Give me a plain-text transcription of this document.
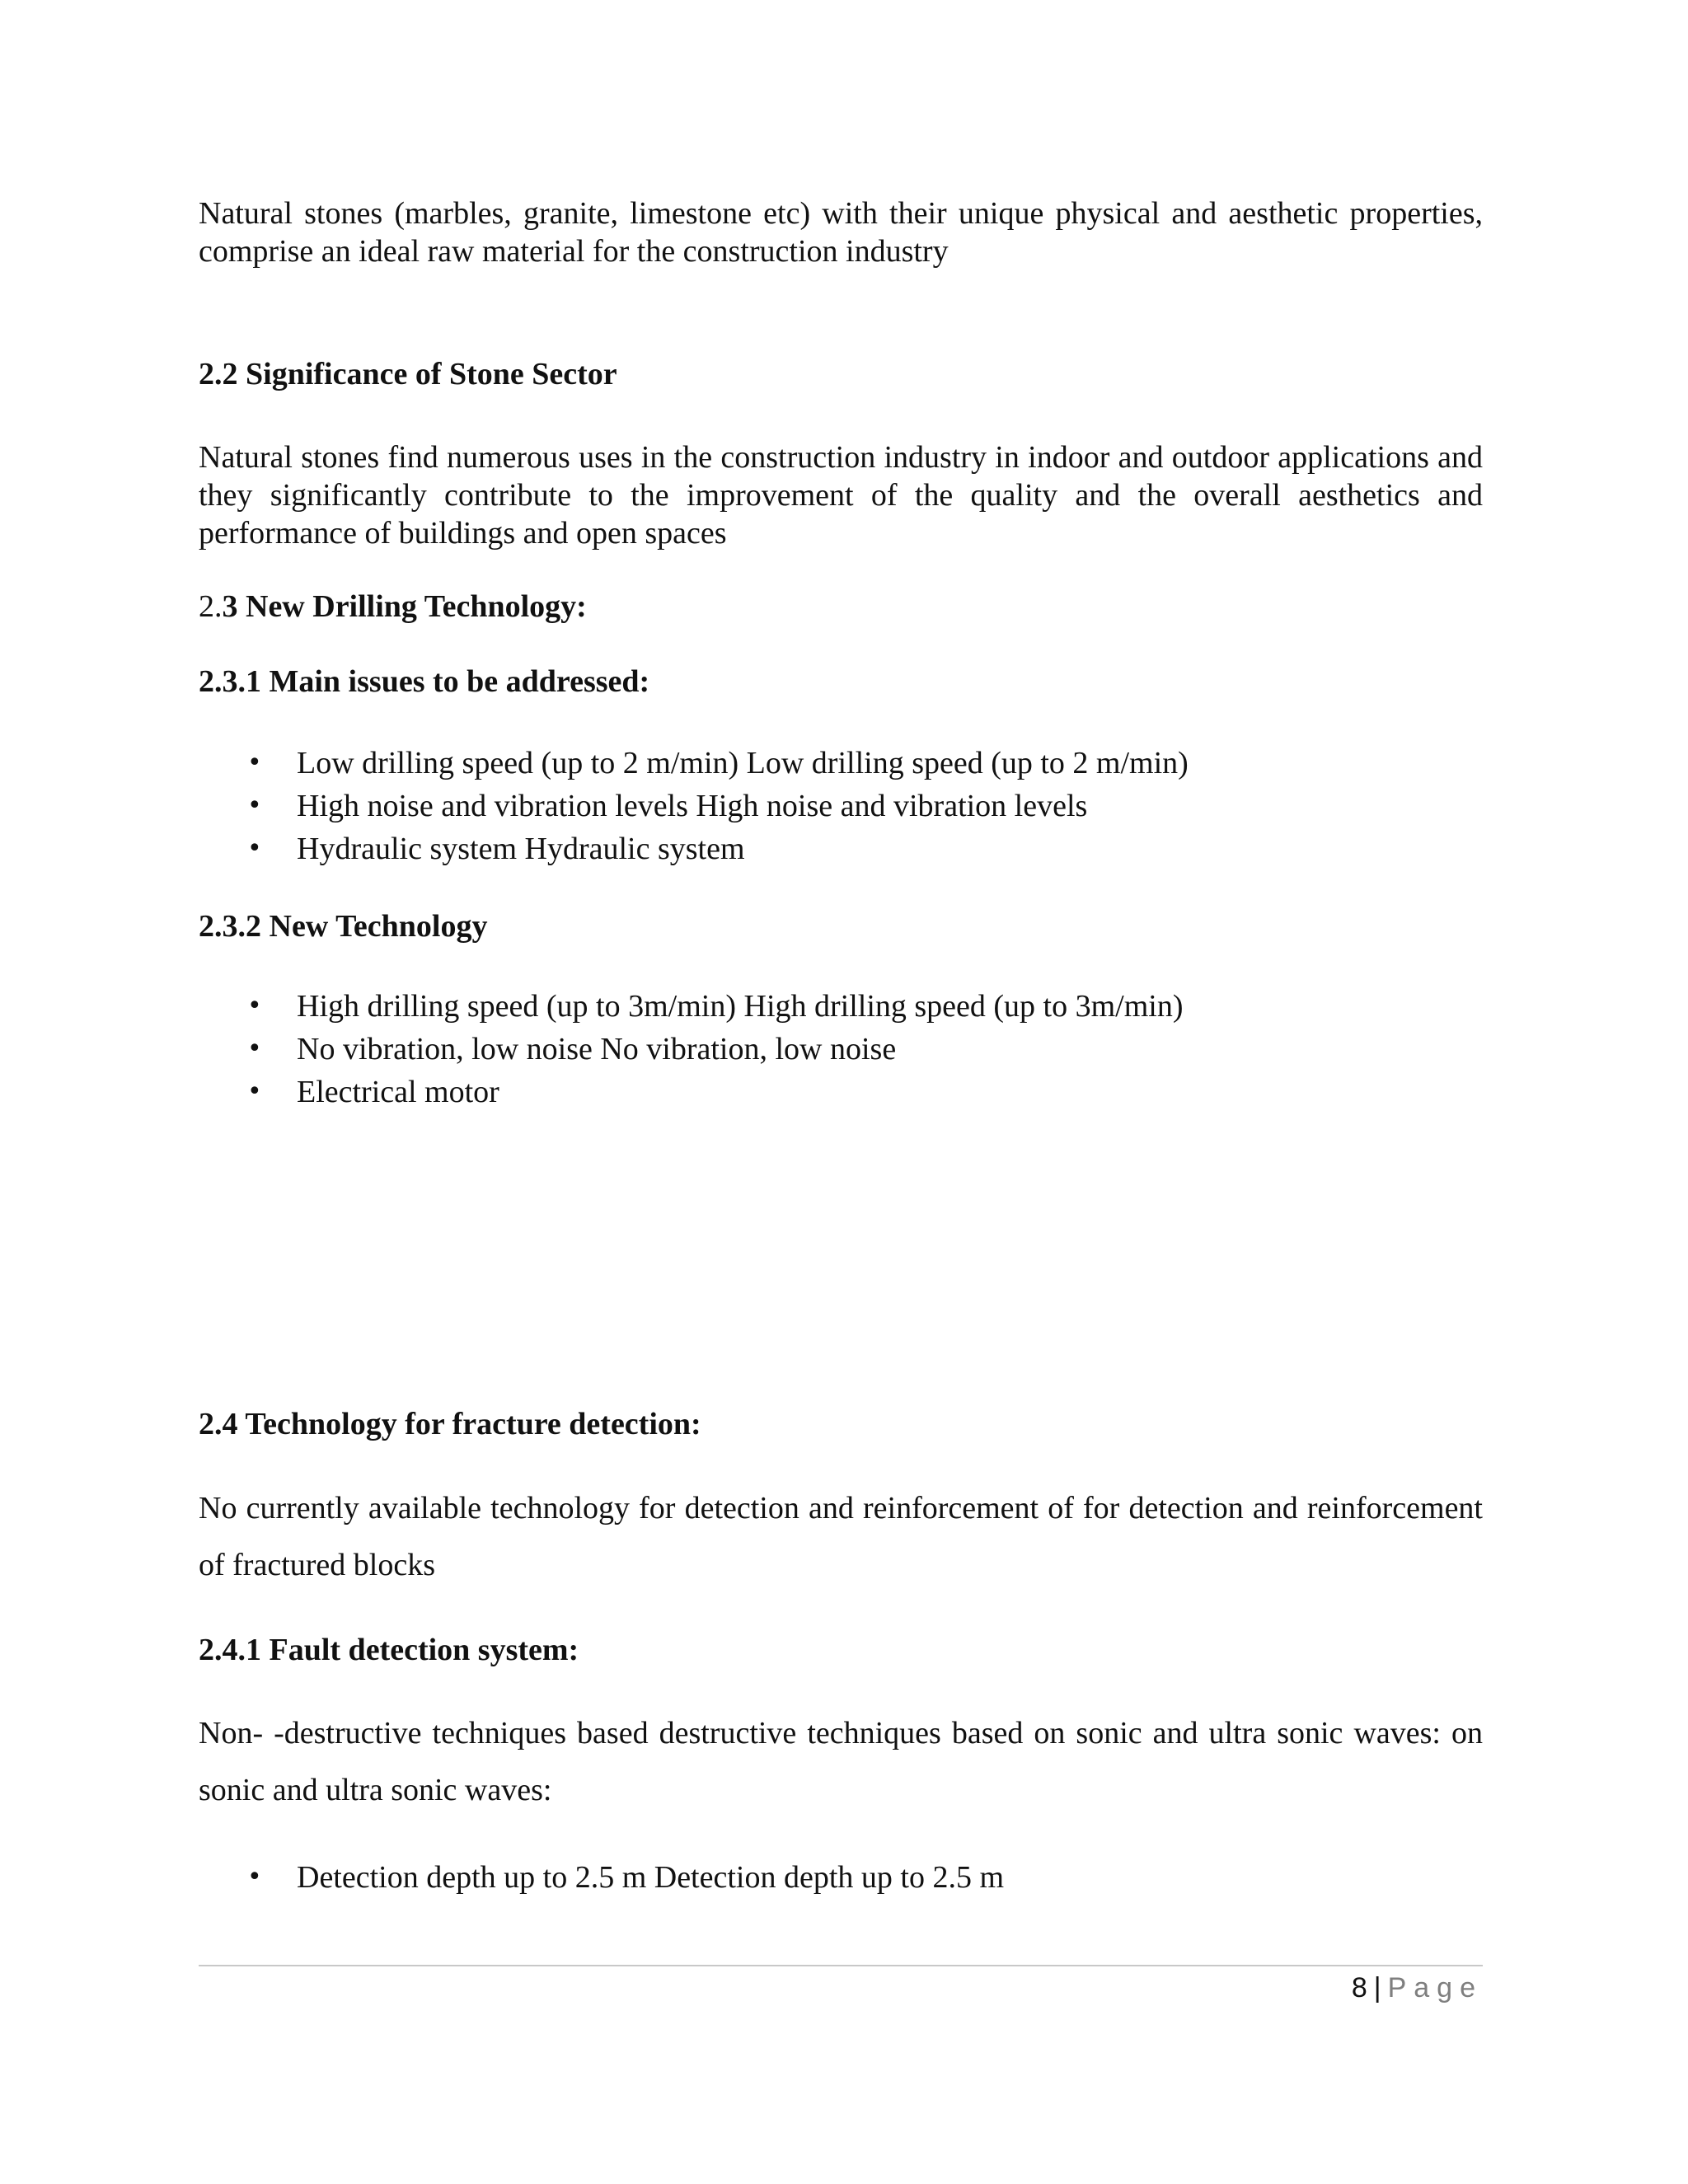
Natural stones (marbles, granite, limestone etc) with their unique physical and aesthetic properties, comprise an ideal raw material for the construction industry

2.2 Significance of Stone Sector

Natural stones find numerous uses in the construction industry in indoor and outdoor applications and they significantly contribute to the improvement of the quality and the overall aesthetics and performance of buildings and open spaces

2.3 New Drilling Technology:
2.3.1 Main issues to be addressed:
• Low drilling speed (up to 2 m/min) Low drilling speed (up to 2 m/min)
• High noise and vibration levels High noise and vibration levels
• Hydraulic system Hydraulic system
2.3.2 New Technology
• High drilling speed (up to 3m/min) High drilling speed (up to 3m/min)
• No vibration, low noise No vibration, low noise
• Electrical motor
2.4 Technology for fracture detection:

No currently available technology for detection and reinforcement of for detection and reinforcement of fractured blocks

2.4.1 Fault detection system:

Non- -destructive techniques based destructive techniques based on sonic and ultra sonic waves: on sonic and ultra sonic waves:

• Detection depth up to 2.5 m Detection depth up to 2.5 m
8 | Page
